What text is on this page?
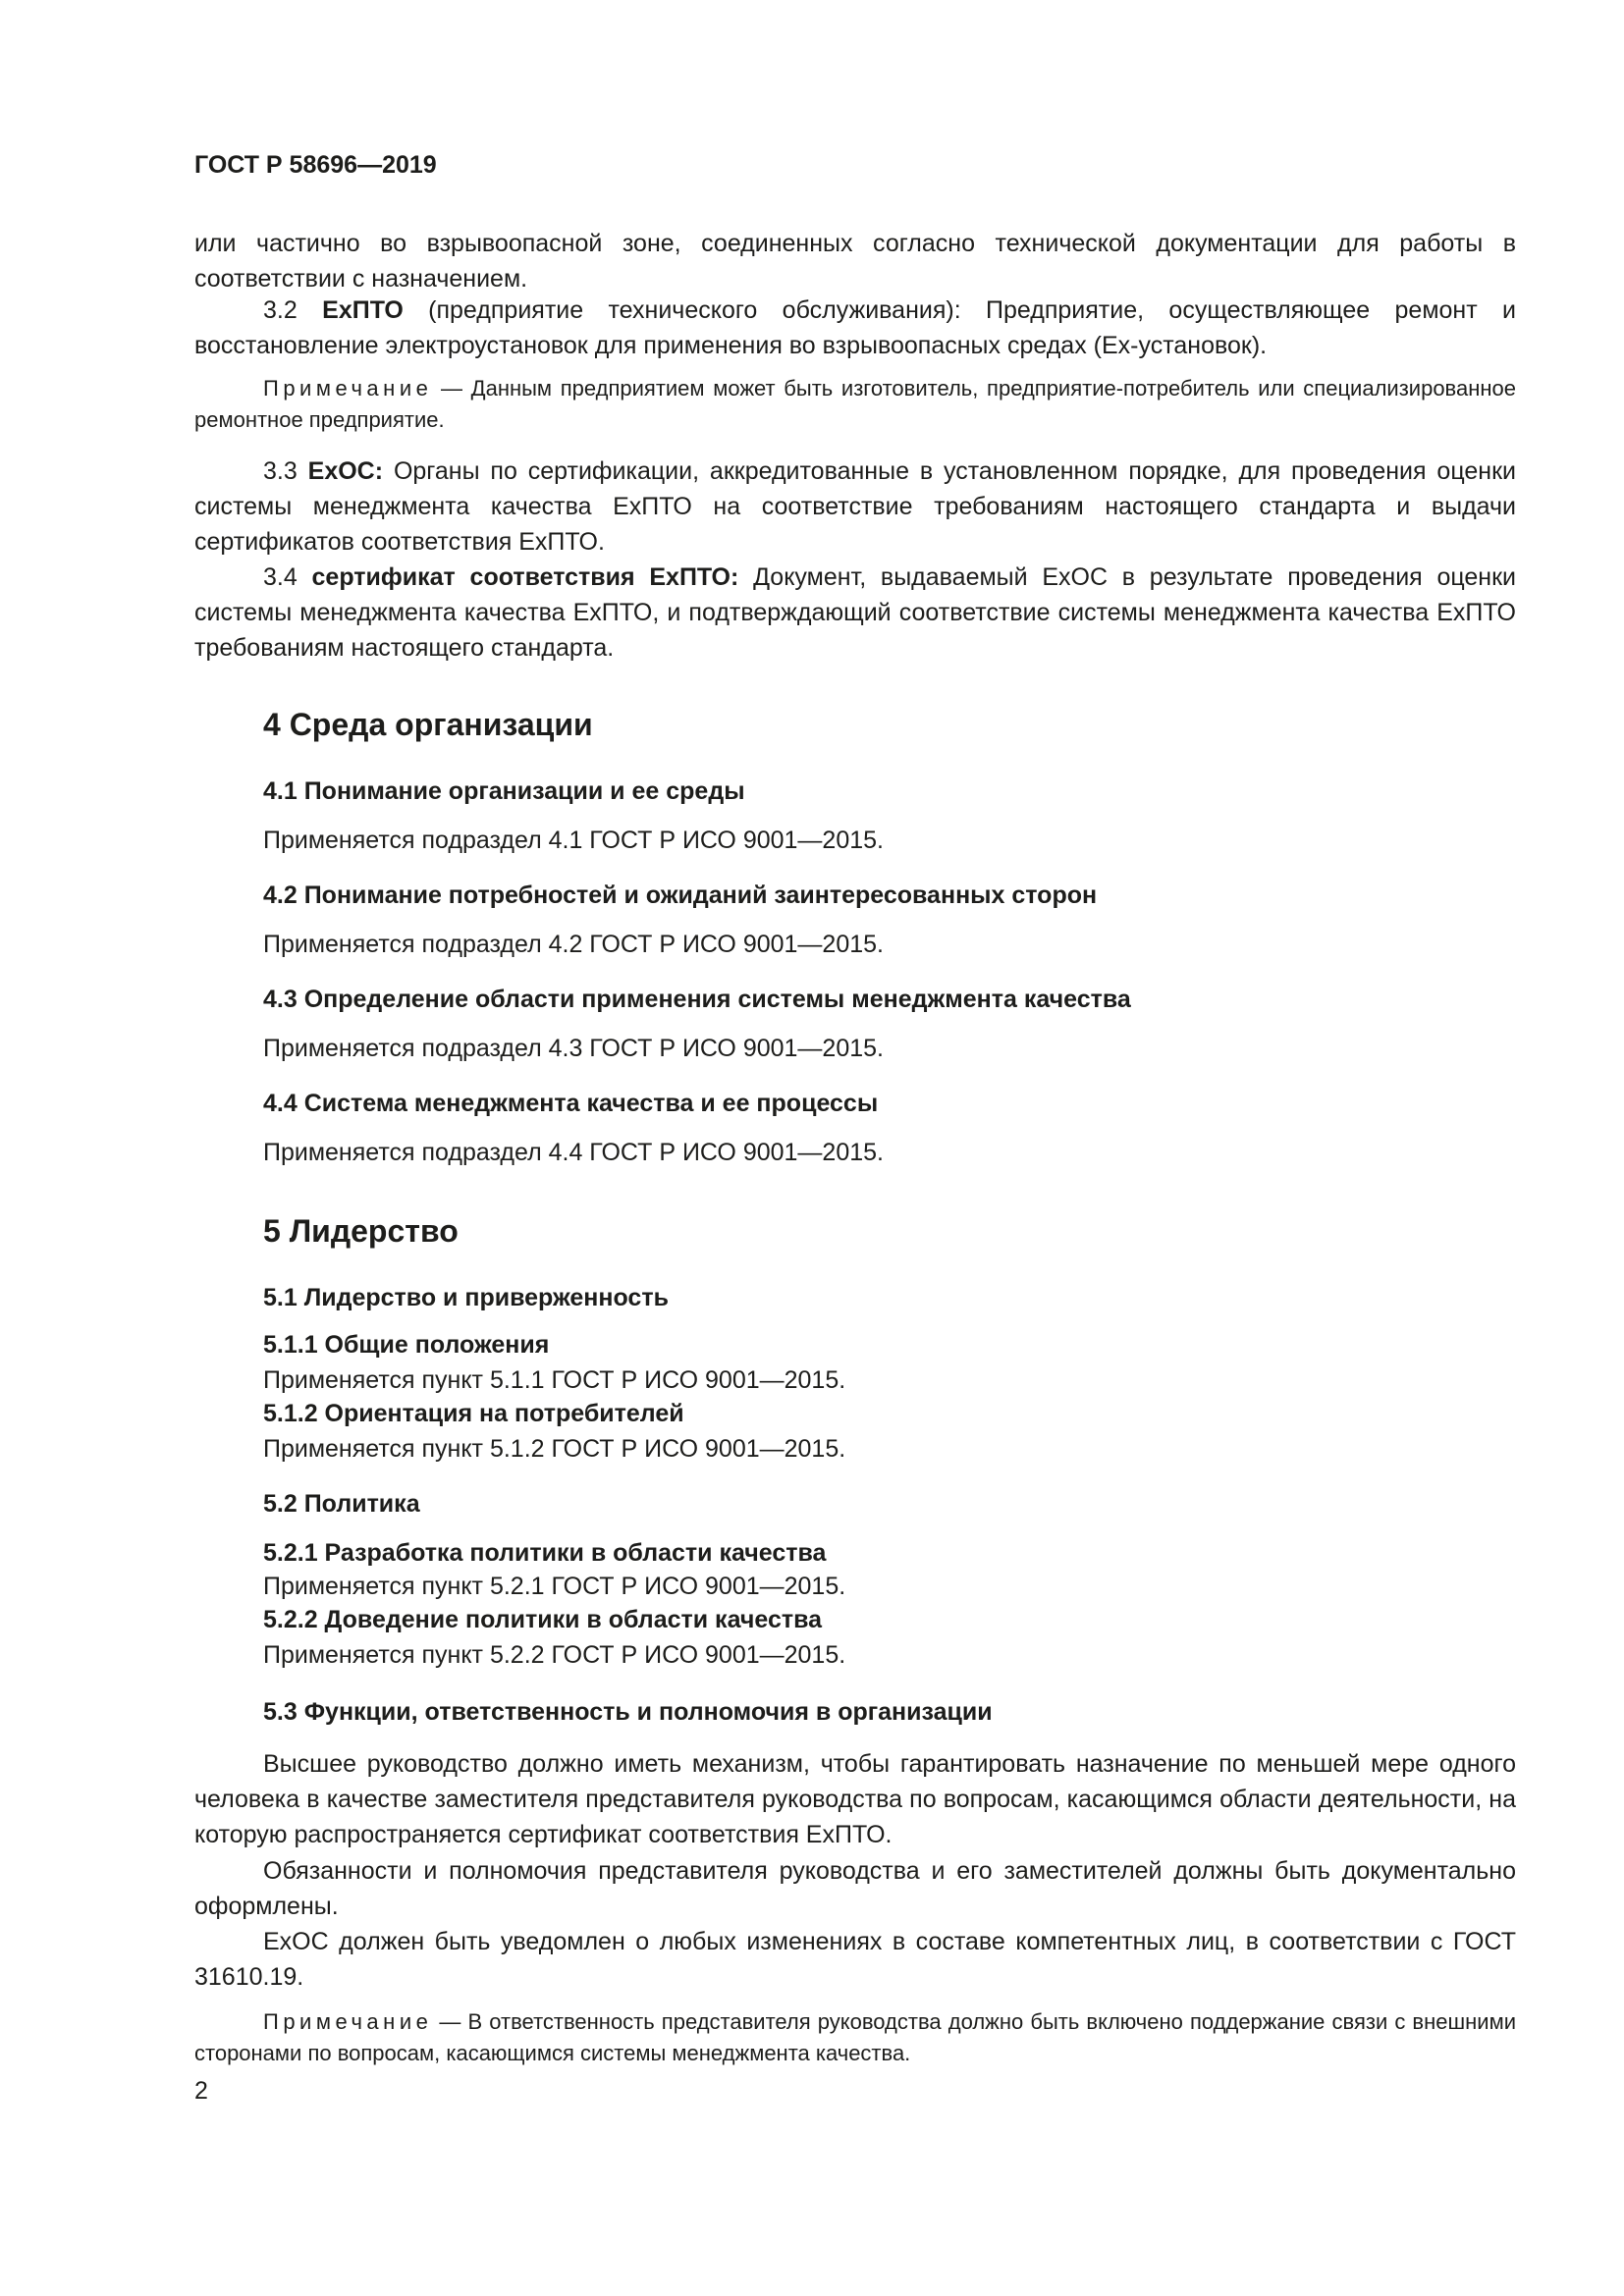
ГОСТ Р 58696—2019

или частично во взрывоопасной зоне, соединенных согласно технической документации для работы в соответствии с назначением.

3.2 ExПТО (предприятие технического обслуживания): Предприятие, осуществляющее ремонт и восстановление электроустановок для применения во взрывоопасных средах (Ех-установок).

Примечание — Данным предприятием может быть изготовитель, предприятие-потребитель или специализированное ремонтное предприятие.

3.3 ExОС: Органы по сертификации, аккредитованные в установленном порядке, для проведения оценки системы менеджмента качества ExПТО на соответствие требованиям настоящего стандарта и выдачи сертификатов соответствия ExПТО.

3.4 сертификат соответствия ExПТО: Документ, выдаваемый ExОС в результате проведения оценки системы менеджмента качества ExПТО, и подтверждающий соответствие системы менеджмента качества ExПТО требованиям настоящего стандарта.

4 Среда организации
4.1 Понимание организации и ее среды

Применяется подраздел 4.1 ГОСТ Р ИСО 9001—2015.

4.2 Понимание потребностей и ожиданий заинтересованных сторон

Применяется подраздел 4.2 ГОСТ Р ИСО 9001—2015.

4.3 Определение области применения системы менеджмента качества

Применяется подраздел 4.3 ГОСТ Р ИСО 9001—2015.

4.4 Система менеджмента качества и ее процессы

Применяется подраздел 4.4 ГОСТ Р ИСО 9001—2015.

5 Лидерство
5.1 Лидерство и приверженность
5.1.1 Общие положения

Применяется пункт 5.1.1 ГОСТ Р ИСО 9001—2015.

5.1.2 Ориентация на потребителей

Применяется пункт 5.1.2 ГОСТ Р ИСО 9001—2015.

5.2 Политика
5.2.1 Разработка политики в области качества

Применяется пункт 5.2.1 ГОСТ Р ИСО 9001—2015.

5.2.2 Доведение политики в области качества

Применяется пункт 5.2.2 ГОСТ Р ИСО 9001—2015.

5.3 Функции, ответственность и полномочия в организации

Высшее руководство должно иметь механизм, чтобы гарантировать назначение по меньшей мере одного человека в качестве заместителя представителя руководства по вопросам, касающимся области деятельности, на которую распространяется сертификат соответствия ExПТО.

Обязанности и полномочия представителя руководства и его заместителей должны быть документально оформлены.

ExОС должен быть уведомлен о любых изменениях в составе компетентных лиц, в соответствии с ГОСТ 31610.19.

Примечание — В ответственность представителя руководства должно быть включено поддержание связи с внешними сторонами по вопросам, касающимся системы менеджмента качества.

2
